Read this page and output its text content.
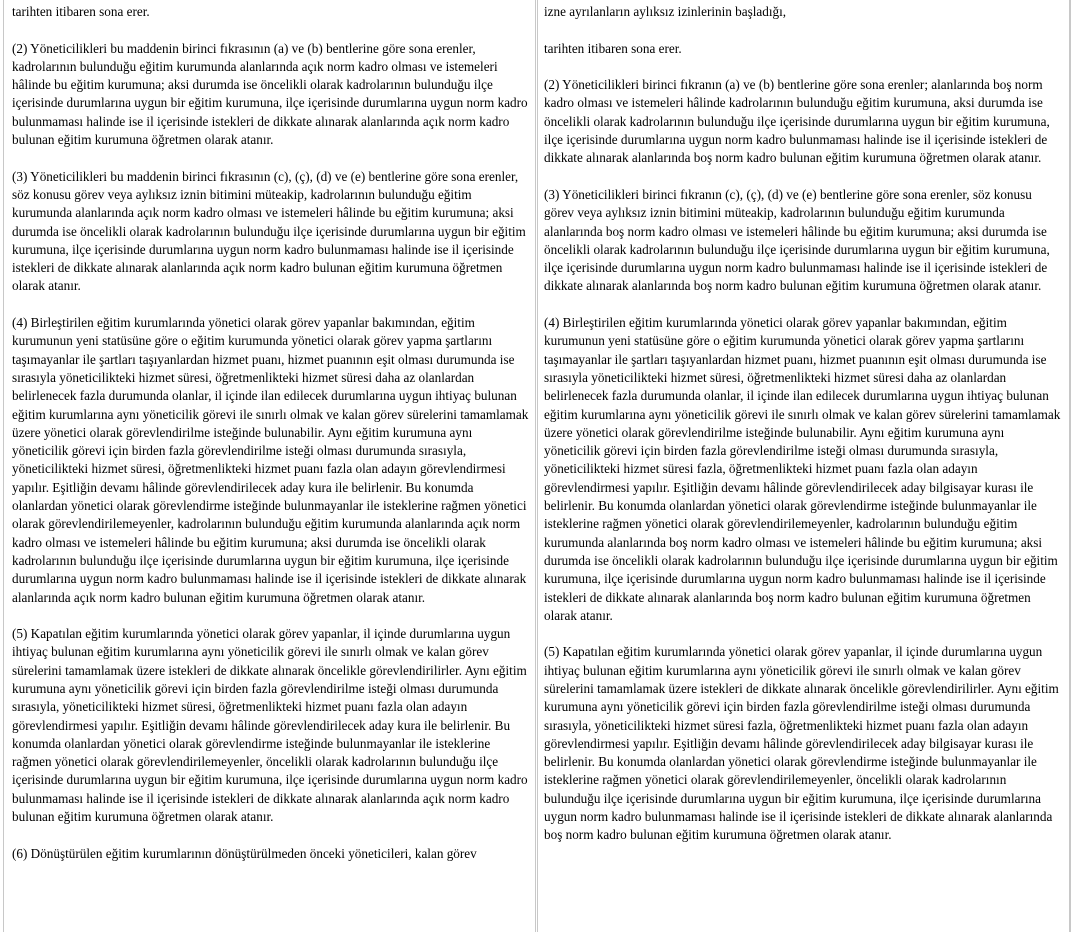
tarihten itibaren sona erer.

(2) Yöneticilikleri bu maddenin birinci fıkrasının (a) ve (b) bentlerine göre sona erenler, kadrolarının bulunduğu eğitim kurumunda alanlarında açık norm kadro olması ve istemeleri hâlinde bu eğitim kurumuna; aksi durumda ise öncelikli olarak kadrolarının bulunduğu ilçe içerisinde durumlarına uygun bir eğitim kurumuna, ilçe içerisinde durumlarına uygun norm kadro bulunmaması halinde ise il içerisinde istekleri de dikkate alınarak alanlarında açık norm kadro bulunan eğitim kurumuna öğretmen olarak atanır.

(3) Yöneticilikleri bu maddenin birinci fıkrasının (c), (ç), (d) ve (e) bentlerine göre sona erenler, söz konusu görev veya aylıksız iznin bitimini müteakip, kadrolarının bulunduğu eğitim kurumunda alanlarında açık norm kadro olması ve istemeleri hâlinde bu eğitim kurumuna; aksi durumda ise öncelikli olarak kadrolarının bulunduğu ilçe içerisinde durumlarına uygun bir eğitim kurumuna, ilçe içerisinde durumlarına uygun norm kadro bulunmaması halinde ise il içerisinde istekleri de dikkate alınarak alanlarında açık norm kadro bulunan eğitim kurumuna öğretmen olarak atanır.

(4) Birleştirilen eğitim kurumlarında yönetici olarak görev yapanlar bakımından, eğitim kurumunun yeni statüsüne göre o eğitim kurumunda yönetici olarak görev yapma şartlarını taşımayanlar ile şartları taşıyanlardan hizmet puanı, hizmet puanının eşit olması durumunda ise sırasıyla yöneticilikteki hizmet süresi, öğretmenlikteki hizmet süresi daha az olanlardan belirlenecek fazla durumunda olanlar, il içinde ilan edilecek durumlarına uygun ihtiyaç bulunan eğitim kurumlarına aynı yöneticilik görevi ile sınırlı olmak ve kalan görev sürelerini tamamlamak üzere yönetici olarak görevlendirilme isteğinde bulunabilir. Aynı eğitim kurumuna aynı yöneticilik görevi için birden fazla görevlendirilme isteği olması durumunda sırasıyla, yöneticilikteki hizmet süresi, öğretmenlikteki hizmet puanı fazla olan adayın görevlendirmesi yapılır. Eşitliğin devamı hâlinde görevlendirilecek aday kura ile belirlenir. Bu konumda olanlardan yönetici olarak görevlendirme isteğinde bulunmayanlar ile isteklerine rağmen yönetici olarak görevlendirilemeyenler, kadrolarının bulunduğu eğitim kurumunda alanlarında açık norm kadro olması ve istemeleri hâlinde bu eğitim kurumuna; aksi durumda ise öncelikli olarak kadrolarının bulunduğu ilçe içerisinde durumlarına uygun bir eğitim kurumuna, ilçe içerisinde durumlarına uygun norm kadro bulunmaması halinde ise il içerisinde istekleri de dikkate alınarak alanlarında açık norm kadro bulunan eğitim kurumuna öğretmen olarak atanır.

(5) Kapatılan eğitim kurumlarında yönetici olarak görev yapanlar, il içinde durumlarına uygun ihtiyaç bulunan eğitim kurumlarına aynı yöneticilik görevi ile sınırlı olmak ve kalan görev sürelerini tamamlamak üzere istekleri de dikkate alınarak öncelikle görevlendirilirler. Aynı eğitim kurumuna aynı yöneticilik görevi için birden fazla görevlendirilme isteği olması durumunda sırasıyla, yöneticilikteki hizmet süresi, öğretmenlikteki hizmet puanı fazla olan adayın görevlendirmesi yapılır. Eşitliğin devamı hâlinde görevlendirilecek aday kura ile belirlenir. Bu konumda olanlardan yönetici olarak görevlendirme isteğinde bulunmayanlar ile isteklerine rağmen yönetici olarak görevlendirilemeyenler, öncelikli olarak kadrolarının bulunduğu ilçe içerisinde durumlarına uygun bir eğitim kurumuna, ilçe içerisinde durumlarına uygun norm kadro bulunmaması halinde ise il içerisinde istekleri de dikkate alınarak alanlarında açık norm kadro bulunan eğitim kurumuna öğretmen olarak atanır.

(6) Dönüştürülen eğitim kurumlarının dönüştürülmeden önceki yöneticileri, kalan görev

izne ayrılanların aylıksız izinlerinin başladığı,

tarihten itibaren sona erer.

(2) Yöneticilikleri birinci fıkranın (a) ve (b) bentlerine göre sona erenler; alanlarında boş norm kadro olması ve istemeleri hâlinde kadrolarının bulunduğu eğitim kurumuna, aksi durumda ise öncelikli olarak kadrolarının bulunduğu ilçe içerisinde durumlarına uygun bir eğitim kurumuna, ilçe içerisinde durumlarına uygun norm kadro bulunmaması halinde ise il içerisinde istekleri de dikkate alınarak alanlarında boş norm kadro bulunan eğitim kurumuna öğretmen olarak atanır.

(3) Yöneticilikleri birinci fıkranın (c), (ç), (d) ve (e) bentlerine göre sona erenler, söz konusu görev veya aylıksız iznin bitimini müteakip, kadrolarının bulunduğu eğitim kurumunda alanlarında boş norm kadro olması ve istemeleri hâlinde bu eğitim kurumuna; aksi durumda ise öncelikli olarak kadrolarının bulunduğu ilçe içerisinde durumlarına uygun bir eğitim kurumuna, ilçe içerisinde durumlarına uygun norm kadro bulunmaması halinde ise il içerisinde istekleri de dikkate alınarak alanlarında boş norm kadro bulunan eğitim kurumuna öğretmen olarak atanır.

(4) Birleştirilen eğitim kurumlarında yönetici olarak görev yapanlar bakımından, eğitim kurumunun yeni statüsüne göre o eğitim kurumunda yönetici olarak görev yapma şartlarını taşımayanlar ile şartları taşıyanlardan hizmet puanı, hizmet puanının eşit olması durumunda ise sırasıyla yöneticilikteki hizmet süresi, öğretmenlikteki hizmet süresi daha az olanlardan belirlenecek fazla durumunda olanlar, il içinde ilan edilecek durumlarına uygun ihtiyaç bulunan eğitim kurumlarına aynı yöneticilik görevi ile sınırlı olmak ve kalan görev sürelerini tamamlamak üzere yönetici olarak görevlendirilme isteğinde bulunabilir. Aynı eğitim kurumuna aynı yöneticilik görevi için birden fazla görevlendirilme isteği olması durumunda sırasıyla, yöneticilikteki hizmet süresi fazla, öğretmenlikteki hizmet puanı fazla olan adayın görevlendirmesi yapılır. Eşitliğin devamı hâlinde görevlendirilecek aday bilgisayar kurası ile belirlenir. Bu konumda olanlardan yönetici olarak görevlendirme isteğinde bulunmayanlar ile isteklerine rağmen yönetici olarak görevlendirilemeyenler, kadrolarının bulunduğu eğitim kurumunda alanlarında boş norm kadro olması ve istemeleri hâlinde bu eğitim kurumuna; aksi durumda ise öncelikli olarak kadrolarının bulunduğu ilçe içerisinde durumlarına uygun bir eğitim kurumuna, ilçe içerisinde durumlarına uygun norm kadro bulunmaması halinde ise il içerisinde istekleri de dikkate alınarak alanlarında boş norm kadro bulunan eğitim kurumuna öğretmen olarak atanır.

(5) Kapatılan eğitim kurumlarında yönetici olarak görev yapanlar, il içinde durumlarına uygun ihtiyaç bulunan eğitim kurumlarına aynı yöneticilik görevi ile sınırlı olmak ve kalan görev sürelerini tamamlamak üzere istekleri de dikkate alınarak öncelikle görevlendirilirler. Aynı eğitim kurumuna aynı yöneticilik görevi için birden fazla görevlendirilme isteği olması durumunda sırasıyla, yöneticilikteki hizmet süresi fazla, öğretmenlikteki hizmet puanı fazla olan adayın görevlendirmesi yapılır. Eşitliğin devamı hâlinde görevlendirilecek aday bilgisayar kurası ile belirlenir. Bu konumda olanlardan yönetici olarak görevlendirme isteğinde bulunmayanlar ile isteklerine rağmen yönetici olarak görevlendirilemeyenler, öncelikli olarak kadrolarının bulunduğu ilçe içerisinde durumlarına uygun bir eğitim kurumuna, ilçe içerisinde durumlarına uygun norm kadro bulunmaması halinde ise il içerisinde istekleri de dikkate alınarak alanlarında boş norm kadro bulunan eğitim kurumuna öğretmen olarak atanır.
